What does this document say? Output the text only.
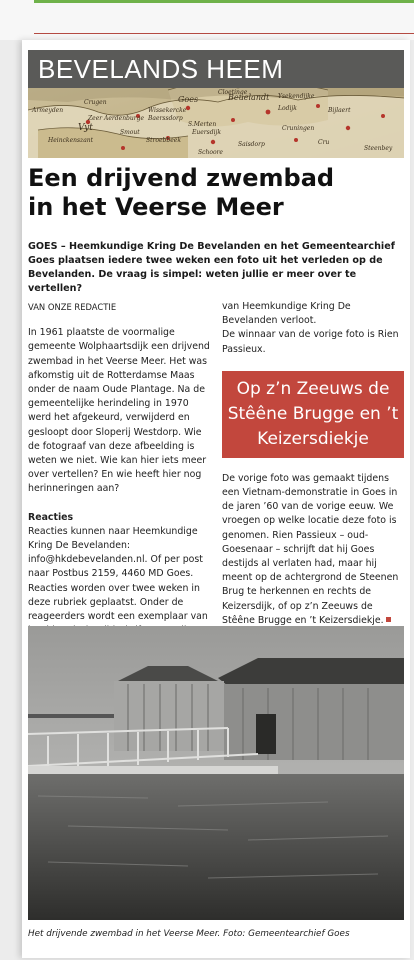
Crugen	Goes	Beuelandt
Cloetinge
Ysekendijke
Wissekercke
Armeyden
Zeer Aerdenburge Baerssdorp
Bijlaert
Lodijk
Vyt	S.Merten
Euersdijk
Cruningen
Heinckenszant
Smout
Stroebbeek	Cru
Steenbey
Saisdorp
Schoore
BEVELANDS HEEM
Een drijvend zwembad
in het Veerse Meer

GOES – Heemkundige Kring De Bevelanden en het Gemeentearchief Goes plaatsen iedere twee weken een foto uit het verleden op de Bevelanden. De vraag is simpel: weten jullie er meer over te vertellen?

VAN ONZE REDACTIE

In 1961 plaatste de voormalige gemeente Wolphaartsdijk een drijvend zwembad in het Veerse Meer. Het was afkomstig uit de Rotterdamse Maas onder de naam Oude Plantage. Na de gemeentelijke herindeling in 1970 werd het afgekeurd, verwijderd en gesloopt door Sloperij Westdorp. Wie de fotograaf van deze afbeelding is weten we niet. Wie kan hier iets meer over vertellen? En wie heeft hier nog herinneringen aan?

Reacties

Reacties kunnen naar Heemkundige Kring De Bevelanden: info@hkdebevelanden.nl. Of per post naar Postbus 2159, 4460 MD Goes. Reacties worden over twee weken in deze rubriek geplaatst. Onder de reageerders wordt een exemplaar van

van Heemkundige Kring De Bevelanden verloot.

De winnaar van de vorige foto is Rien Passieux.

Op z’n Zeeuws de Stêêne Brugge en ’t Keizersdiekje

De vorige foto was gemaakt tijdens een Vietnam-demonstratie in Goes in de jaren ’60 van de vorige eeuw. We vroegen op welke locatie deze foto is genomen. Rien Passieux – oud-Goesenaar – schrijft dat hij Goes destijds al verlaten had, maar hij meent op de achtergrond de Steenen Brug te herkennen en rechts de Keizersdijk, of op z’n Zeeuws de Stêêne Brugge en ’t Keizersdiekje.

Het drijvende zwembad in het Veerse Meer. Foto: Gemeentearchief Goes
